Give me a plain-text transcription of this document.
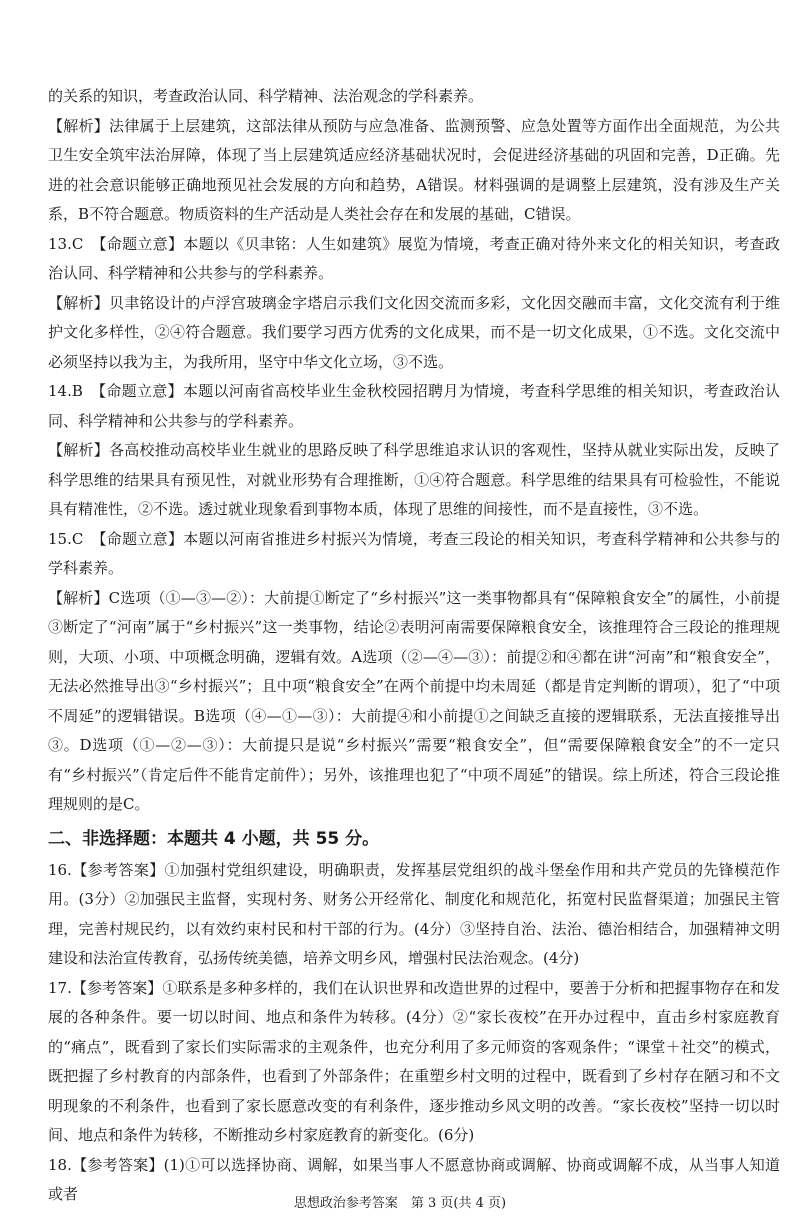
的关系的知识，考查政治认同、科学精神、法治观念的学科素养。

【解析】法律属于上层建筑，这部法律从预防与应急准备、监测预警、应急处置等方面作出全面规范，为公共卫生安全筑牢法治屏障，体现了当上层建筑适应经济基础状况时，会促进经济基础的巩固和完善，D正确。先进的社会意识能够正确地预见社会发展的方向和趋势，A错误。材料强调的是调整上层建筑，没有涉及生产关系，B不符合题意。物质资料的生产活动是人类社会存在和发展的基础，C错误。

13.C　【命题立意】本题以《贝聿铭：人生如建筑》展览为情境，考查正确对待外来文化的相关知识，考查政治认同、科学精神和公共参与的学科素养。

【解析】贝聿铭设计的卢浮宫玻璃金字塔启示我们文化因交流而多彩，文化因交融而丰富，文化交流有利于维护文化多样性，②④符合题意。我们要学习西方优秀的文化成果，而不是一切文化成果，①不选。文化交流中必须坚持以我为主，为我所用，坚守中华文化立场，③不选。

14.B　【命题立意】本题以河南省高校毕业生金秋校园招聘月为情境，考查科学思维的相关知识，考查政治认同、科学精神和公共参与的学科素养。

【解析】各高校推动高校毕业生就业的思路反映了科学思维追求认识的客观性，坚持从就业实际出发，反映了科学思维的结果具有预见性，对就业形势有合理推断，①④符合题意。科学思维的结果具有可检验性，不能说具有精准性，②不选。透过就业现象看到事物本质，体现了思维的间接性，而不是直接性，③不选。

15.C　【命题立意】本题以河南省推进乡村振兴为情境，考查三段论的相关知识，考查科学精神和公共参与的学科素养。

【解析】C选项（①—③—②）：大前提①断定了“乡村振兴”这一类事物都具有“保障粮食安全”的属性，小前提③断定了“河南”属于“乡村振兴”这一类事物，结论②表明河南需要保障粮食安全，该推理符合三段论的推理规则，大项、小项、中项概念明确，逻辑有效。A选项（②—④—③）：前提②和④都在讲“河南”和“粮食安全”，无法必然推导出③“乡村振兴”；且中项“粮食安全”在两个前提中均未周延（都是肯定判断的谓项），犯了“中项不周延”的逻辑错误。B选项（④—①—③）：大前提④和小前提①之间缺乏直接的逻辑联系，无法直接推导出③。D选项（①—②—③）：大前提只是说“乡村振兴”需要“粮食安全”，但“需要保障粮食安全”的不一定只有“乡村振兴”（肯定后件不能肯定前件）；另外，该推理也犯了“中项不周延”的错误。综上所述，符合三段论推理规则的是C。

二、非选择题：本题共 4 小题，共 55 分。

16.【参考答案】①加强村党组织建设，明确职责，发挥基层党组织的战斗堡垒作用和共产党员的先锋模范作用。(3分）②加强民主监督，实现村务、财务公开经常化、制度化和规范化，拓宽村民监督渠道；加强民主管理，完善村规民约，以有效约束村民和村干部的行为。(4分）③坚持自治、法治、德治相结合，加强精神文明建设和法治宣传教育，弘扬传统美德，培养文明乡风，增强村民法治观念。(4分)

17.【参考答案】①联系是多种多样的，我们在认识世界和改造世界的过程中，要善于分析和把握事物存在和发展的各种条件。要一切以时间、地点和条件为转移。(4分）②“家长夜校”在开办过程中，直击乡村家庭教育的“痛点”，既看到了家长们实际需求的主观条件，也充分利用了多元师资的客观条件；“课堂＋社交”的模式，既把握了乡村教育的内部条件，也看到了外部条件；在重塑乡村文明的过程中，既看到了乡村存在陋习和不文明现象的不利条件，也看到了家长愿意改变的有利条件，逐步推动乡风文明的改善。“家长夜校”坚持一切以时间、地点和条件为转移，不断推动乡村家庭教育的新变化。(6分)

18.【参考答案】(1)①可以选择协商、调解，如果当事人不愿意协商或调解、协商或调解不成，从当事人知道或者

思想政治参考答案　第 3 页(共 4 页)
